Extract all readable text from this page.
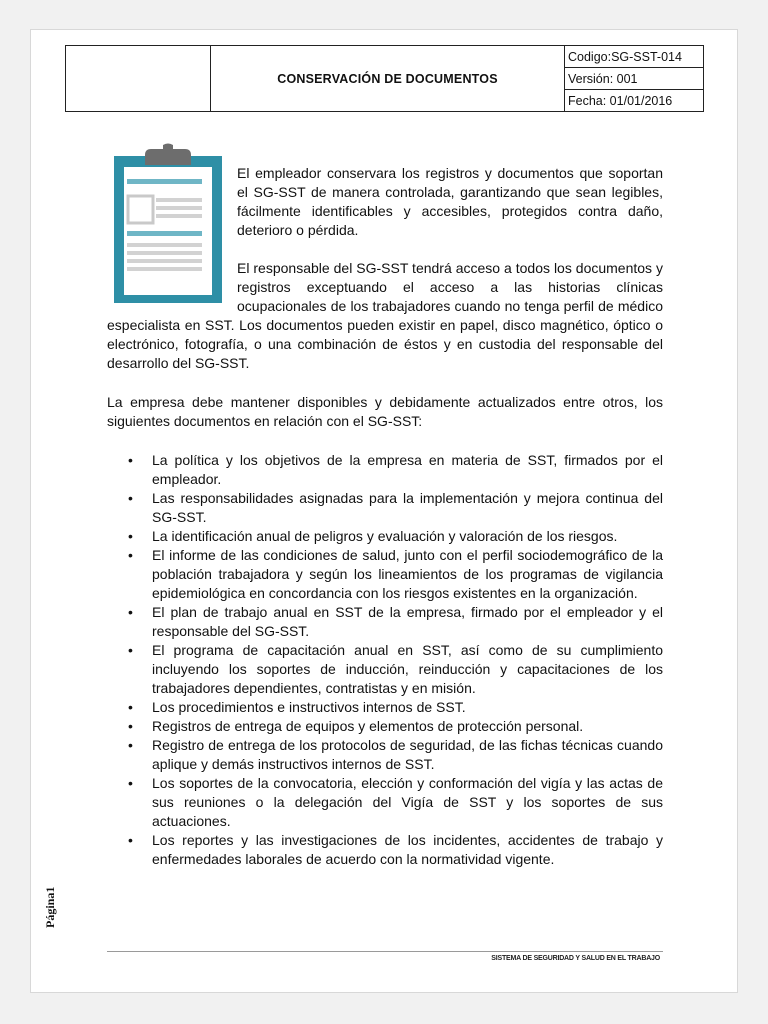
	CONSERVACIÓN DE DOCUMENTOS	Codigo:SG-SST-014
Versión: 001
Fecha: 01/01/2016

El empleador conservara los registros y documentos que soportan el SG-SST de manera controlada, garantizando que sean legibles, fácilmente identificables y accesibles, protegidos contra daño, deterioro o pérdida.

El responsable del SG-SST tendrá acceso a todos los documentos y registros exceptuando el acceso a las historias clínicas ocupacionales de los trabajadores cuando no tenga perfil de médico especialista en SST. Los documentos pueden existir en papel, disco magnético, óptico o electrónico, fotografía, o una combinación de éstos y en custodia del responsable del desarrollo del SG-SST.

La empresa debe mantener disponibles y debidamente actualizados entre otros, los siguientes documentos en relación con el SG-SST:

• La política y los objetivos de la empresa en materia de SST, firmados por el empleador.
• Las responsabilidades asignadas para la implementación y mejora continua del SG-SST.
• La identificación anual de peligros y evaluación y valoración de los riesgos.
• El informe de las condiciones de salud, junto con el perfil sociodemográfico de la población trabajadora y según los lineamientos de los programas de vigilancia epidemiológica en concordancia con los riesgos existentes en la organización.
• El plan de trabajo anual en SST de la empresa, firmado por el empleador y el responsable del SG-SST.
• El programa de capacitación anual en SST, así como de su cumplimiento incluyendo los soportes de inducción, reinducción y capacitaciones de los trabajadores dependientes, contratistas y en misión.
• Los procedimientos e instructivos internos de SST.
• Registros de entrega de equipos y elementos de protección personal.
• Registro de entrega de los protocolos de seguridad, de las fichas técnicas cuando aplique y demás instructivos internos de SST.
• Los soportes de la convocatoria, elección y conformación del vigía y las actas de sus reuniones o la delegación del Vigía de SST y los soportes de sus actuaciones.
• Los reportes y las investigaciones de los incidentes, accidentes de trabajo y enfermedades laborales de acuerdo con la normatividad vigente.
Página1
SISTEMA DE SEGURIDAD Y SALUD EN EL TRABAJO
